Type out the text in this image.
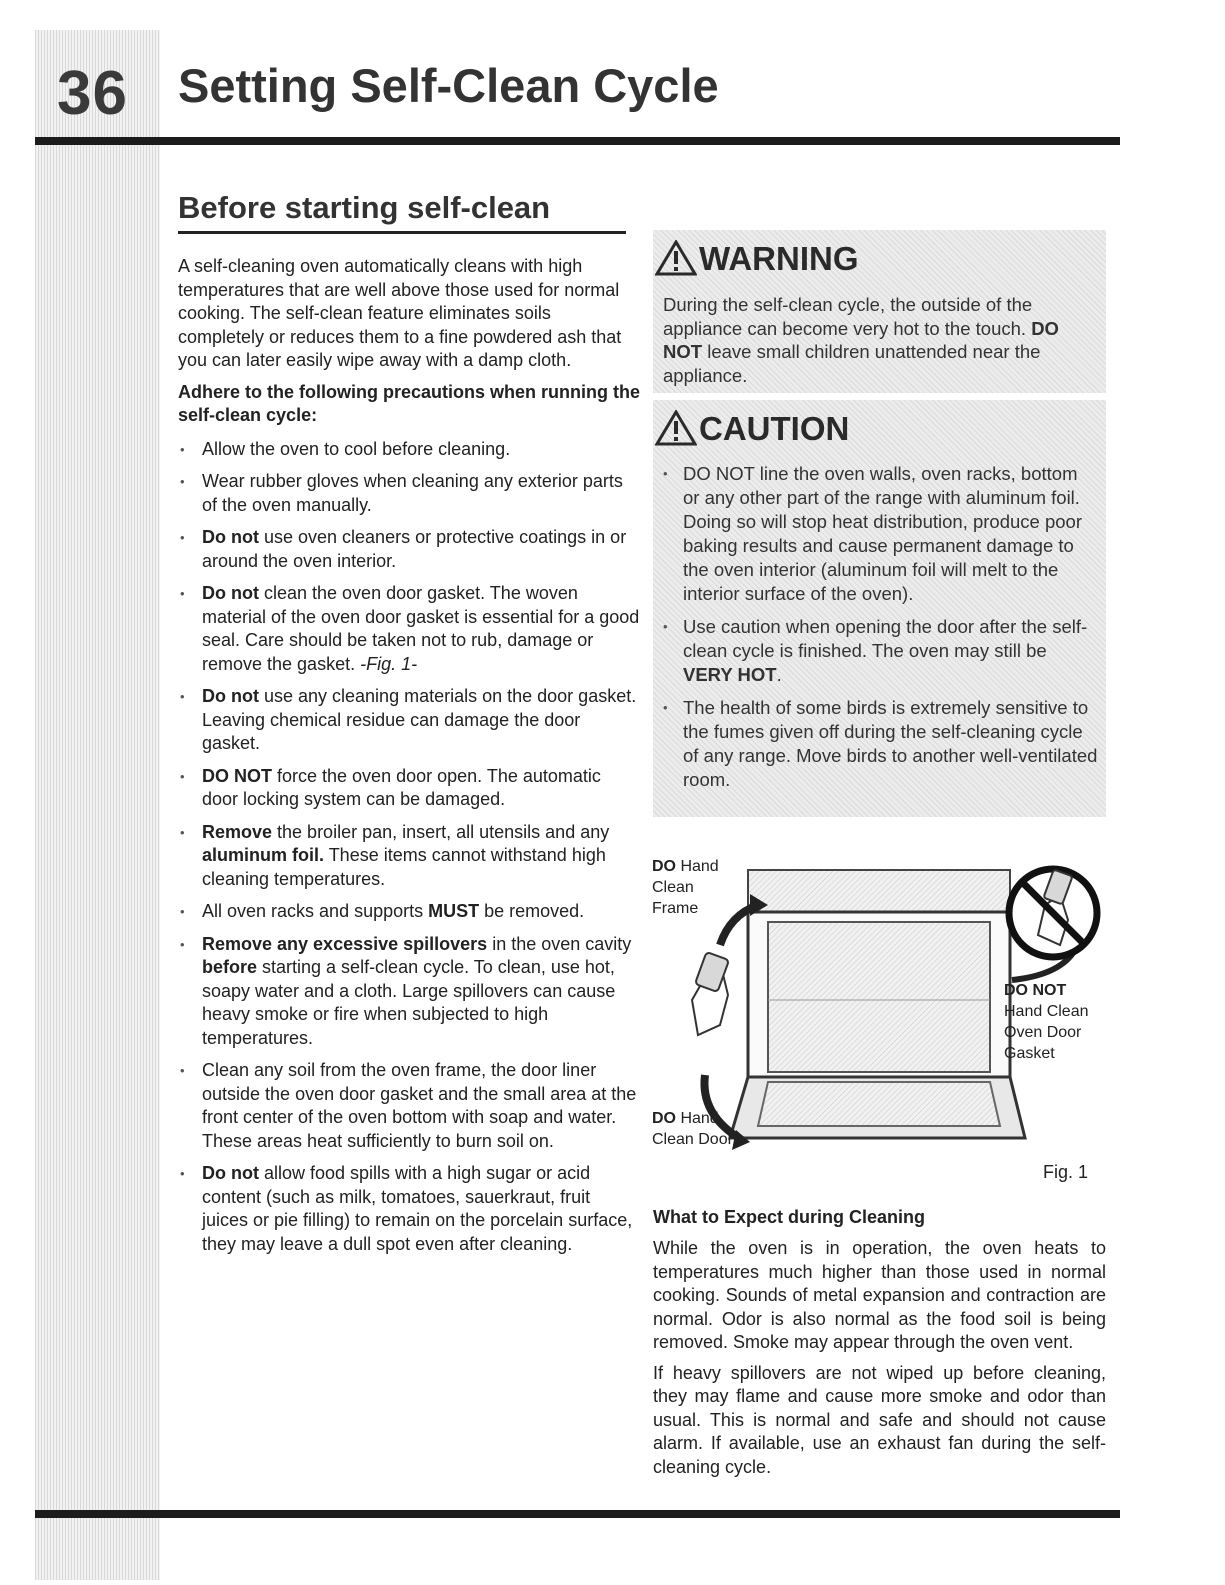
36	Setting Self-Clean Cycle
Before starting self-clean

A self-cleaning oven automatically cleans with high temperatures that are well above those used for normal cooking. The self-clean feature eliminates soils completely or reduces them to a fine powdered ash that you can later easily wipe away with a damp cloth.

Adhere to the following precautions when running the self-clean cycle:

• Allow the oven to cool before cleaning.
• Wear rubber gloves when cleaning any exterior parts of the oven manually.
• Do not use oven cleaners or protective coatings in or around the oven interior.
• Do not clean the oven door gasket. The woven material of the oven door gasket is essential for a good seal. Care should be taken not to rub, damage or remove the gasket. -Fig. 1-
• Do not use any cleaning materials on the door gasket. Leaving chemical residue can damage the door gasket.
• DO NOT force the oven door open. The automatic door locking system can be damaged.
• Remove the broiler pan, insert, all utensils and any aluminum foil. These items cannot withstand high cleaning temperatures.
• All oven racks and supports MUST be removed.
• Remove any excessive spillovers in the oven cavity before starting a self-clean cycle. To clean, use hot, soapy water and a cloth. Large spillovers can cause heavy smoke or fire when subjected to high temperatures.
• Clean any soil from the oven frame, the door liner outside the oven door gasket and the small area at the front center of the oven bottom with soap and water. These areas heat sufficiently to burn soil on.
• Do not allow food spills with a high sugar or acid content (such as milk, tomatoes, sauerkraut, fruit juices or pie filling) to remain on the porcelain surface, they may leave a dull spot even after cleaning.
WARNING
During the self-clean cycle, the outside of the appliance can become very hot to the touch. DO NOT leave small children unattended near the appliance.
CAUTION
• DO NOT line the oven walls, oven racks, bottom or any other part of the range with aluminum foil. Doing so will stop heat distribution, produce poor baking results and cause permanent damage to the oven interior (aluminum foil will melt to the interior surface of the oven).
• Use caution when opening the door after the self-clean cycle is finished. The oven may still be VERY HOT.
• The health of some birds is extremely sensitive to the fumes given off during the self-cleaning cycle of any range. Move birds to another well-ventilated room.

DO Hand Clean Frame

DO NOT Hand Clean Oven Door Gasket

DO Hand Clean Door

Fig. 1
What to Expect during Cleaning

While the oven is in operation, the oven heats to temperatures much higher than those used in normal cooking. Sounds of metal expansion and contraction are normal. Odor is also normal as the food soil is being removed. Smoke may appear through the oven vent.

If heavy spillovers are not wiped up before cleaning, they may flame and cause more smoke and odor than usual. This is normal and safe and should not cause alarm. If available, use an exhaust fan during the self-cleaning cycle.
